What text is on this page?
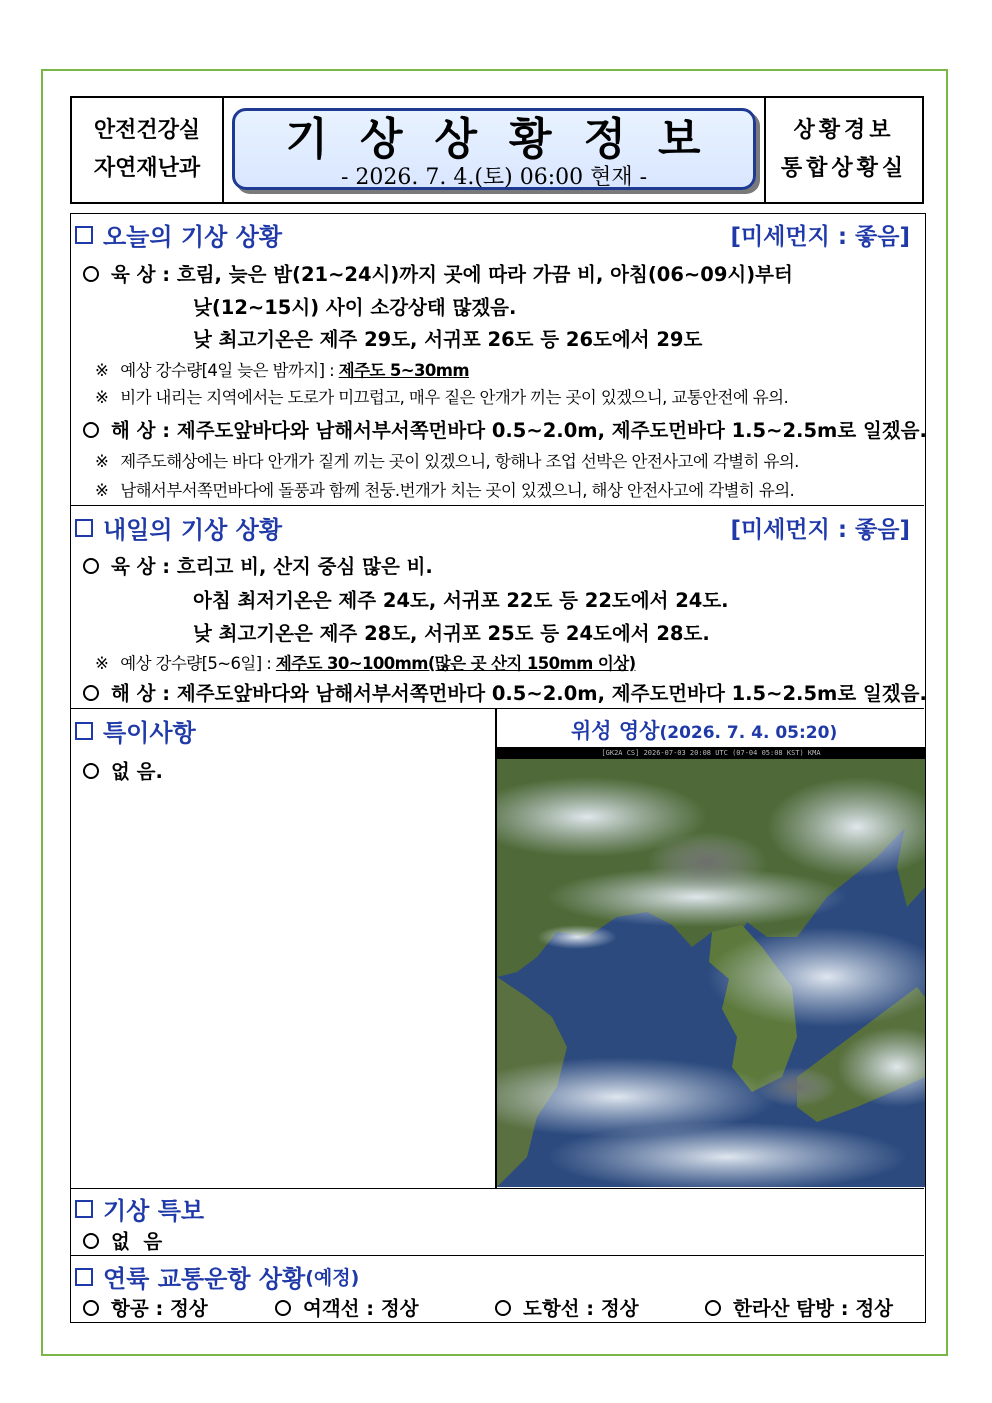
안전건강실
자연재난과
기상상황정보
- 2026. 7. 4.(토) 06:00 현재 -
상황경보
통합상황실
오늘의 기상 상황	[미세먼지 : 좋음]
육 상 : 흐림, 늦은 밤(21~24시)까지 곳에 따라 가끔 비, 아침(06~09시)부터
낮(12~15시) 사이 소강상태 많겠음.
낮 최고기온은 제주 29도, 서귀포 26도 등 26도에서 29도
※ 예상 강수량[4일 늦은 밤까지] : 제주도 5~30mm
※ 비가 내리는 지역에서는 도로가 미끄럽고, 매우 짙은 안개가 끼는 곳이 있겠으니, 교통안전에 유의.
해 상 : 제주도앞바다와 남해서부서쪽먼바다 0.5~2.0m, 제주도먼바다 1.5~2.5m로 일겠음.
※ 제주도해상에는 바다 안개가 짙게 끼는 곳이 있겠으니, 항해나 조업 선박은 안전사고에 각별히 유의.
※ 남해서부서쪽먼바다에 돌풍과 함께 천둥.번개가 치는 곳이 있겠으니, 해상 안전사고에 각별히 유의.
내일의 기상 상황	[미세먼지 : 좋음]
육 상 : 흐리고 비, 산지 중심 많은 비.
아침 최저기온은 제주 24도, 서귀포 22도 등 22도에서 24도.
낮 최고기온은 제주 28도, 서귀포 25도 등 24도에서 28도.
※ 예상 강수량[5~6일] : 제주도 30~100mm(많은 곳 산지 150mm 이상)
해 상 : 제주도앞바다와 남해서부서쪽먼바다 0.5~2.0m, 제주도먼바다 1.5~2.5m로 일겠음.
특이사항
없 음.
위성 영상(2026. 7. 4. 05:20)
[GK2A CS] 2026-07-03 20:08 UTC (07-04 05:08 KST) KMA
기상 특보
없  음
연륙 교통운항 상황 (예정)
항공 : 정상	여객선 : 정상	도항선 : 정상	한라산 탐방 : 정상
